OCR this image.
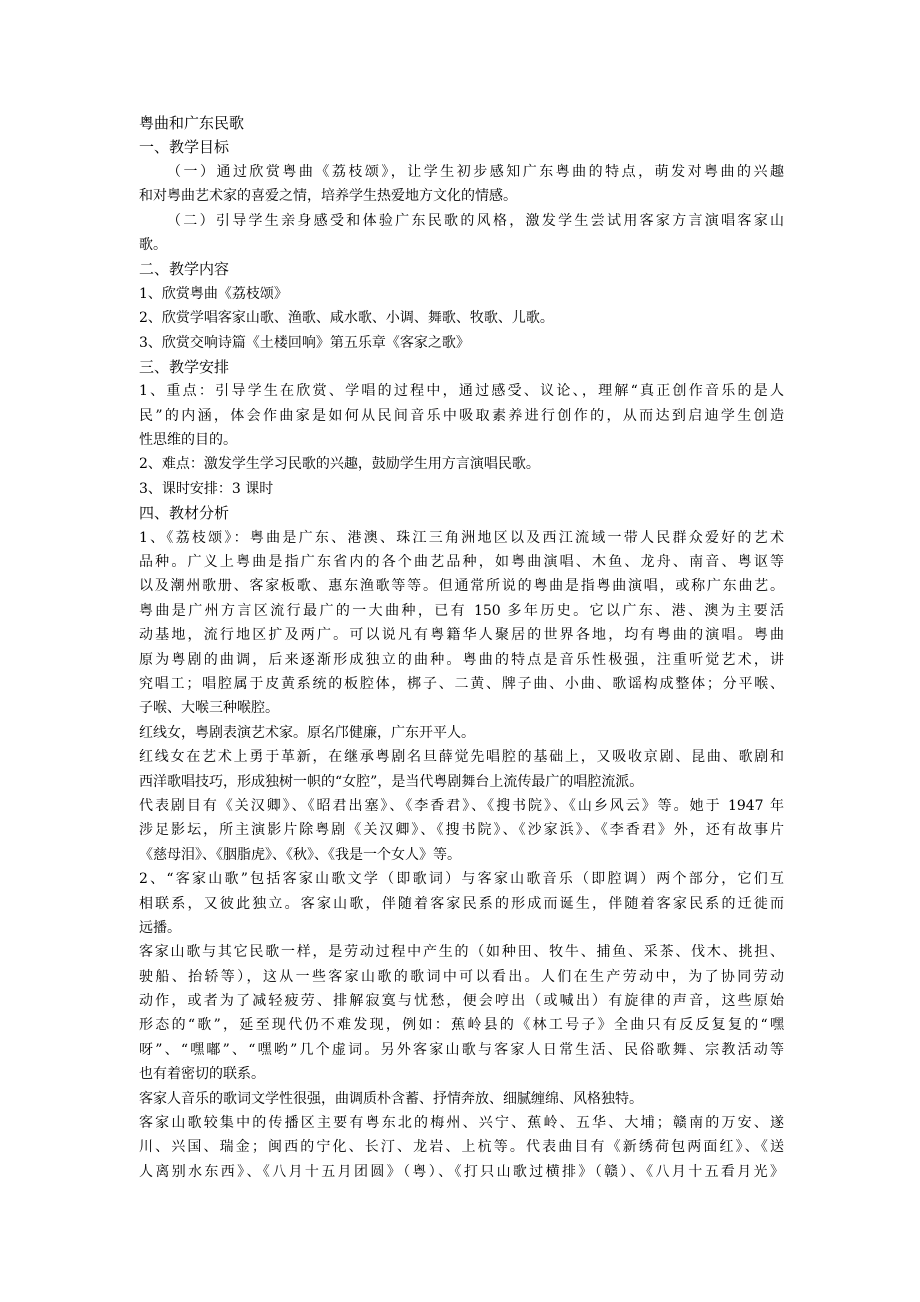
粤曲和广东民歌
一、教学目标
（一）通过欣赏粤曲《荔枝颂》，让学生初步感知广东粤曲的特点，萌发对粤曲的兴趣
和对粤曲艺术家的喜爱之情，培养学生热爱地方文化的情感。
（二）引导学生亲身感受和体验广东民歌的风格，激发学生尝试用客家方言演唱客家山
歌。
二、教学内容
1、欣赏粤曲《荔枝颂》
2、欣赏学唱客家山歌、渔歌、咸水歌、小调、舞歌、牧歌、儿歌。
3、欣赏交响诗篇《土楼回响》第五乐章《客家之歌》
三、教学安排
1、重点：引导学生在欣赏、学唱的过程中，通过感受、议论、，理解“真正创作音乐的是人
民”的内涵，体会作曲家是如何从民间音乐中吸取素养进行创作的，从而达到启迪学生创造
性思维的目的。
2、难点：激发学生学习民歌的兴趣，鼓励学生用方言演唱民歌。
3、课时安排：3 课时
四、教材分析
1、《荔枝颂》：粤曲是广东、港澳、珠江三角洲地区以及西江流域一带人民群众爱好的艺术
品种。广义上粤曲是指广东省内的各个曲艺品种，如粤曲演唱、木鱼、龙舟、南音、粤讴等
以及潮州歌册、客家板歌、惠东渔歌等等。但通常所说的粤曲是指粤曲演唱，或称广东曲艺。
粤曲是广州方言区流行最广的一大曲种，已有 150 多年历史。它以广东、港、澳为主要活
动基地，流行地区扩及两广。可以说凡有粤籍华人聚居的世界各地，均有粤曲的演唱。粤曲
原为粤剧的曲调，后来逐渐形成独立的曲种。粤曲的特点是音乐性极强，注重听觉艺术，讲
究唱工；唱腔属于皮黄系统的板腔体，梆子、二黄、牌子曲、小曲、歌谣构成整体；分平喉、
子喉、大喉三种喉腔。
红线女，粤剧表演艺术家。原名邝健廉，广东开平人。
红线女在艺术上勇于革新，在继承粤剧名旦薛觉先唱腔的基础上，又吸收京剧、昆曲、歌剧和
西洋歌唱技巧，形成独树一帜的“女腔”，是当代粤剧舞台上流传最广的唱腔流派。
代表剧目有《关汉卿》、《昭君出塞》、《李香君》、《搜书院》、《山乡风云》等。她于 1947 年
涉足影坛，所主演影片除粤剧《关汉卿》、《搜书院》、《沙家浜》、《李香君》外，还有故事片
《慈母泪》、《胭脂虎》、《秋》、《我是一个女人》等。
2、“客家山歌”包括客家山歌文学（即歌词）与客家山歌音乐（即腔调）两个部分，它们互
相联系，又彼此独立。客家山歌，伴随着客家民系的形成而诞生，伴随着客家民系的迁徙而
远播。
客家山歌与其它民歌一样，是劳动过程中产生的（如种田、牧牛、捕鱼、采茶、伐木、挑担、
驶船、抬轿等），这从一些客家山歌的歌词中可以看出。人们在生产劳动中，为了协同劳动
动作，或者为了减轻疲劳、排解寂寞与忧愁，便会哼出（或喊出）有旋律的声音，这些原始
形态的“歌”，延至现代仍不难发现，例如：蕉岭县的《林工号子》全曲只有反反复复的“嘿
呀”、“嘿嘟”、“嘿哟”几个虚词。另外客家山歌与客家人日常生活、民俗歌舞、宗教活动等
也有着密切的联系。
客家人音乐的歌词文学性很强，曲调质朴含蓄、抒情奔放、细腻缠绵、风格独特。
客家山歌较集中的传播区主要有粤东北的梅州、兴宁、蕉岭、五华、大埔；赣南的万安、遂
川、兴国、瑞金；闽西的宁化、长汀、龙岩、上杭等。代表曲目有《新绣荷包两面红》、《送
人离别水东西》、《八月十五月团圆》（粤）、《打只山歌过横排》（赣）、《八月十五看月光》
